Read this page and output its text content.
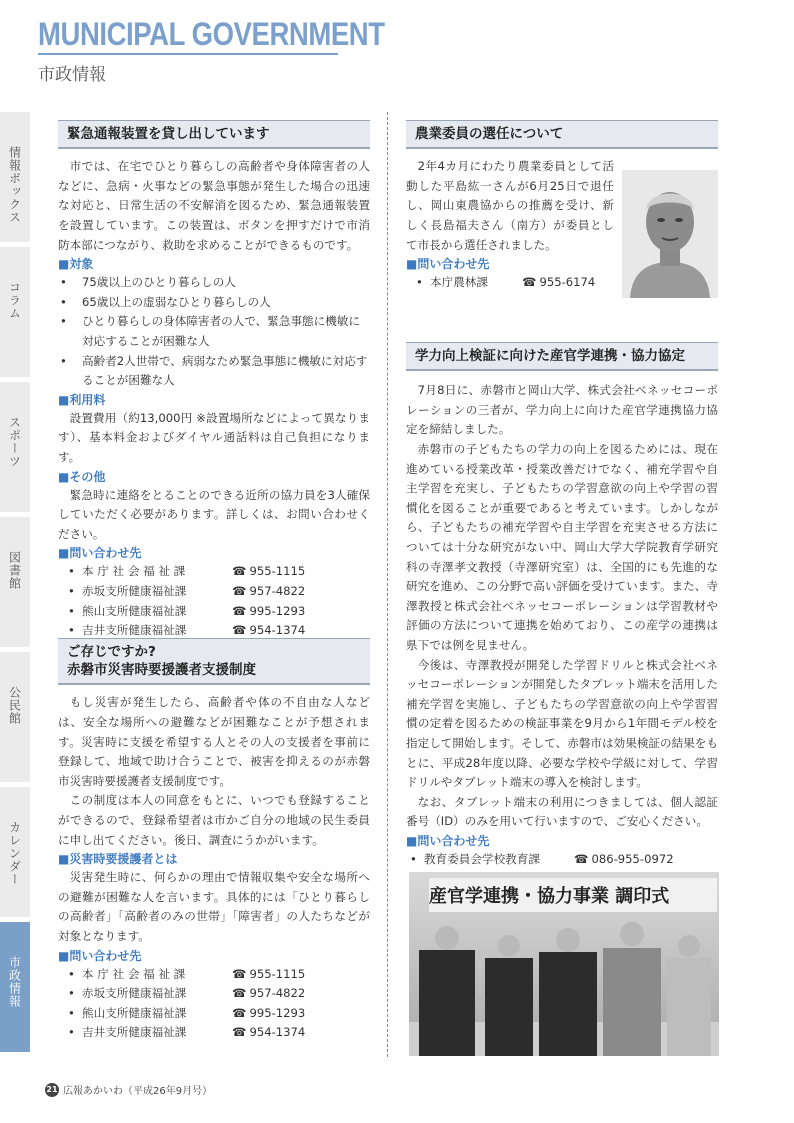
MUNICIPAL GOVERNMENT
市政情報
情報ボックス
コラム
スポーツ
図書館
公民館
カレンダー
市政情報
緊急通報装置を貸し出しています

市では、在宅でひとり暮らしの高齢者や身体障害者の人などに、急病・火事などの緊急事態が発生した場合の迅速な対応と、日常生活の不安解消を図るため、緊急通報装置を設置しています。この装置は、ボタンを押すだけで市消防本部につながり、救助を求めることができるものです。

■対象

•	75歳以上のひとり暮らしの人

•	65歳以上の虚弱なひとり暮らしの人

•	ひとり暮らしの身体障害者の人で、緊急事態に機敏に対応することが困難な人

•	高齢者2人世帯で、病弱なため緊急事態に機敏に対応することが困難な人

■利用料

設置費用（約13,000円 ※設置場所などによって異なります）、基本料金およびダイヤル通話料は自己負担になります。

■その他

緊急時に連絡をとることのできる近所の協力員を3人確保していただく必要があります。詳しくは、お問い合わせください。

■問い合わせ先

• 本 庁 社 会 福 祉 課	☎ 955-1115
• 赤坂支所健康福祉課	☎ 957-4822
• 熊山支所健康福祉課	☎ 995-1293
• 吉井支所健康福祉課	☎ 954-1374
ご存じですか?
赤磐市災害時要援護者支援制度

もし災害が発生したら、高齢者や体の不自由な人などは、安全な場所への避難などが困難なことが予想されます。災害時に支援を希望する人とその人の支援者を事前に登録して、地域で助け合うことで、被害を抑えるのが赤磐市災害時要援護者支援制度です。

この制度は本人の同意をもとに、いつでも登録することができるので、登録希望者は市かご自分の地域の民生委員に申し出てください。後日、調査にうかがいます。

■災害時要援護者とは

災害発生時に、何らかの理由で情報収集や安全な場所への避難が困難な人を言います。具体的には「ひとり暮らしの高齢者」「高齢者のみの世帯」「障害者」の人たちなどが対象となります。

■問い合わせ先

• 本 庁 社 会 福 祉 課	☎ 955-1115
• 赤坂支所健康福祉課	☎ 957-4822
• 熊山支所健康福祉課	☎ 995-1293
• 吉井支所健康福祉課	☎ 954-1374
農業委員の選任について

2年4カ月にわたり農業委員として活動した平島紘一さんが6月25日で退任し、岡山東農協からの推薦を受け、新しく長島福夫さん（南方）が委員として市長から選任されました。

■問い合わせ先

• 本庁農林課	☎ 955-6174
学力向上検証に向けた産官学連携・協力協定

7月8日に、赤磐市と岡山大学、株式会社ベネッセコーポレーションの三者が、学力向上に向けた産官学連携協力協定を締結しました。

赤磐市の子どもたちの学力の向上を図るためには、現在進めている授業改革・授業改善だけでなく、補充学習や自主学習を充実し、子どもたちの学習意欲の向上や学習の習慣化を図ることが重要であると考えています。しかしながら、子どもたちの補充学習や自主学習を充実させる方法については十分な研究がない中、岡山大学大学院教育学研究科の寺澤孝文教授（寺澤研究室）は、全国的にも先進的な研究を進め、この分野で高い評価を受けています。また、寺澤教授と株式会社ベネッセコーポレーションは学習教材や評価の方法について連携を始めており、この産学の連携は県下では例を見ません。

今後は、寺澤教授が開発した学習ドリルと株式会社ベネッセコーポレーションが開発したタブレット端末を活用した補充学習を実施し、子どもたちの学習意欲の向上や学習習慣の定着を図るための検証事業を9月から1年間モデル校を指定して開始します。そして、赤磐市は効果検証の結果をもとに、平成28年度以降、必要な学校や学級に対して、学習ドリルやタブレット端末の導入を検討します。

なお、タブレット端末の利用につきましては、個人認証番号（ID）のみを用いて行いますので、ご安心ください。

■問い合わせ先

• 教育委員会学校教育課	☎ 086-955-0972
産官学連携・協力事業 調印式
21 広報あかいわ（平成26年9月号）
